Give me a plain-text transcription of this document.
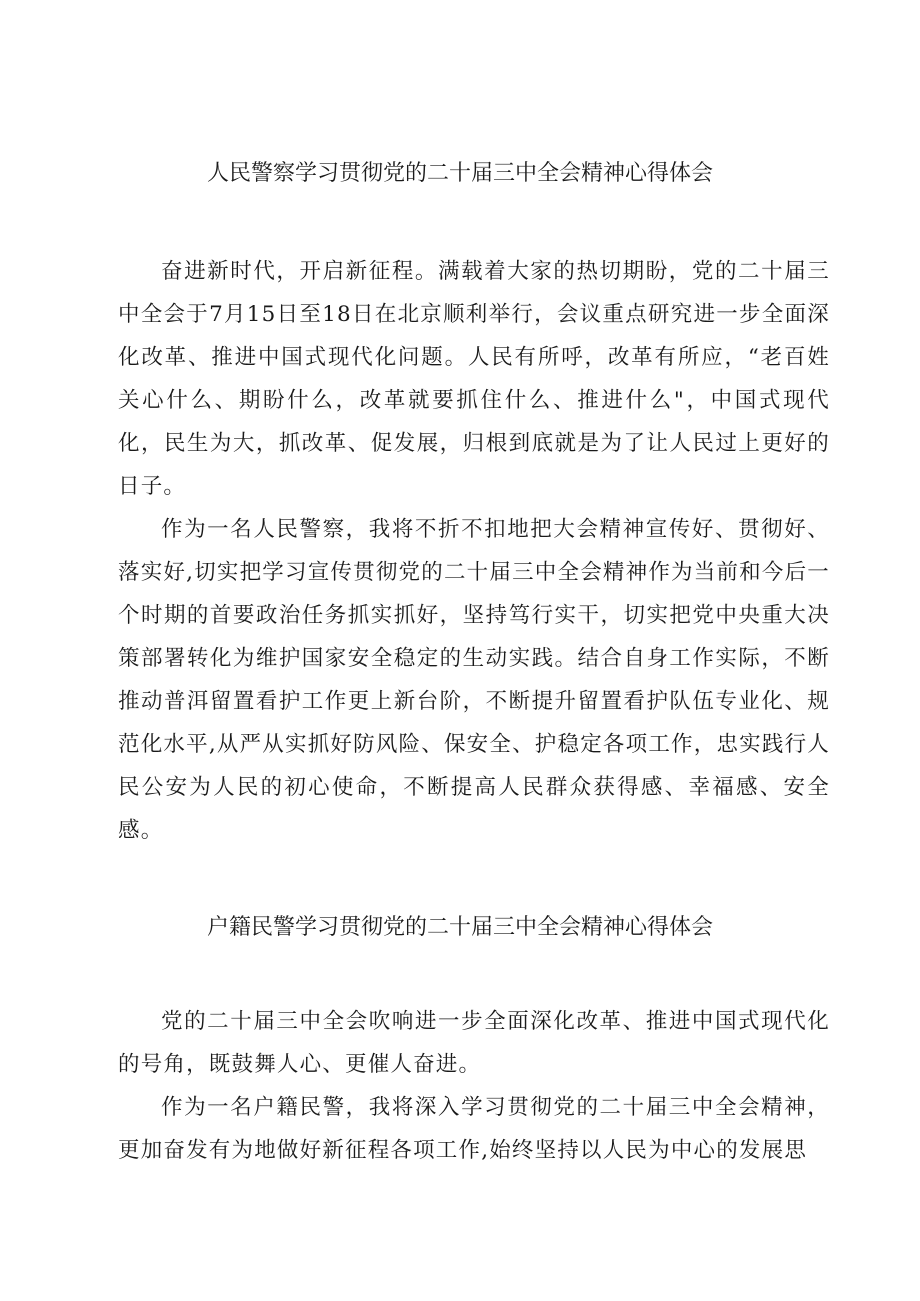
人民警察学习贯彻党的二十届三中全会精神心得体会

奋进新时代，开启新征程。满载着大家的热切期盼，党的二十届三中全会于7月15日至18日在北京顺利举行，会议重点研究进一步全面深化改革、推进中国式现代化问题。人民有所呼，改革有所应，“老百姓关心什么、期盼什么，改革就要抓住什么、推进什么"，中国式现代化，民生为大，抓改革、促发展，归根到底就是为了让人民过上更好的日子。

作为一名人民警察，我将不折不扣地把大会精神宣传好、贯彻好、落实好,切实把学习宣传贯彻党的二十届三中全会精神作为当前和今后一个时期的首要政治任务抓实抓好，坚持笃行实干，切实把党中央重大决策部署转化为维护国家安全稳定的生动实践。结合自身工作实际，不断推动普洱留置看护工作更上新台阶，不断提升留置看护队伍专业化、规范化水平,从严从实抓好防风险、保安全、护稳定各项工作，忠实践行人民公安为人民的初心使命，不断提高人民群众获得感、幸福感、安全感。

户籍民警学习贯彻党的二十届三中全会精神心得体会

党的二十届三中全会吹响进一步全面深化改革、推进中国式现代化的号角，既鼓舞人心、更催人奋进。

作为一名户籍民警，我将深入学习贯彻党的二十届三中全会精神，更加奋发有为地做好新征程各项工作,始终坚持以人民为中心的发展思
